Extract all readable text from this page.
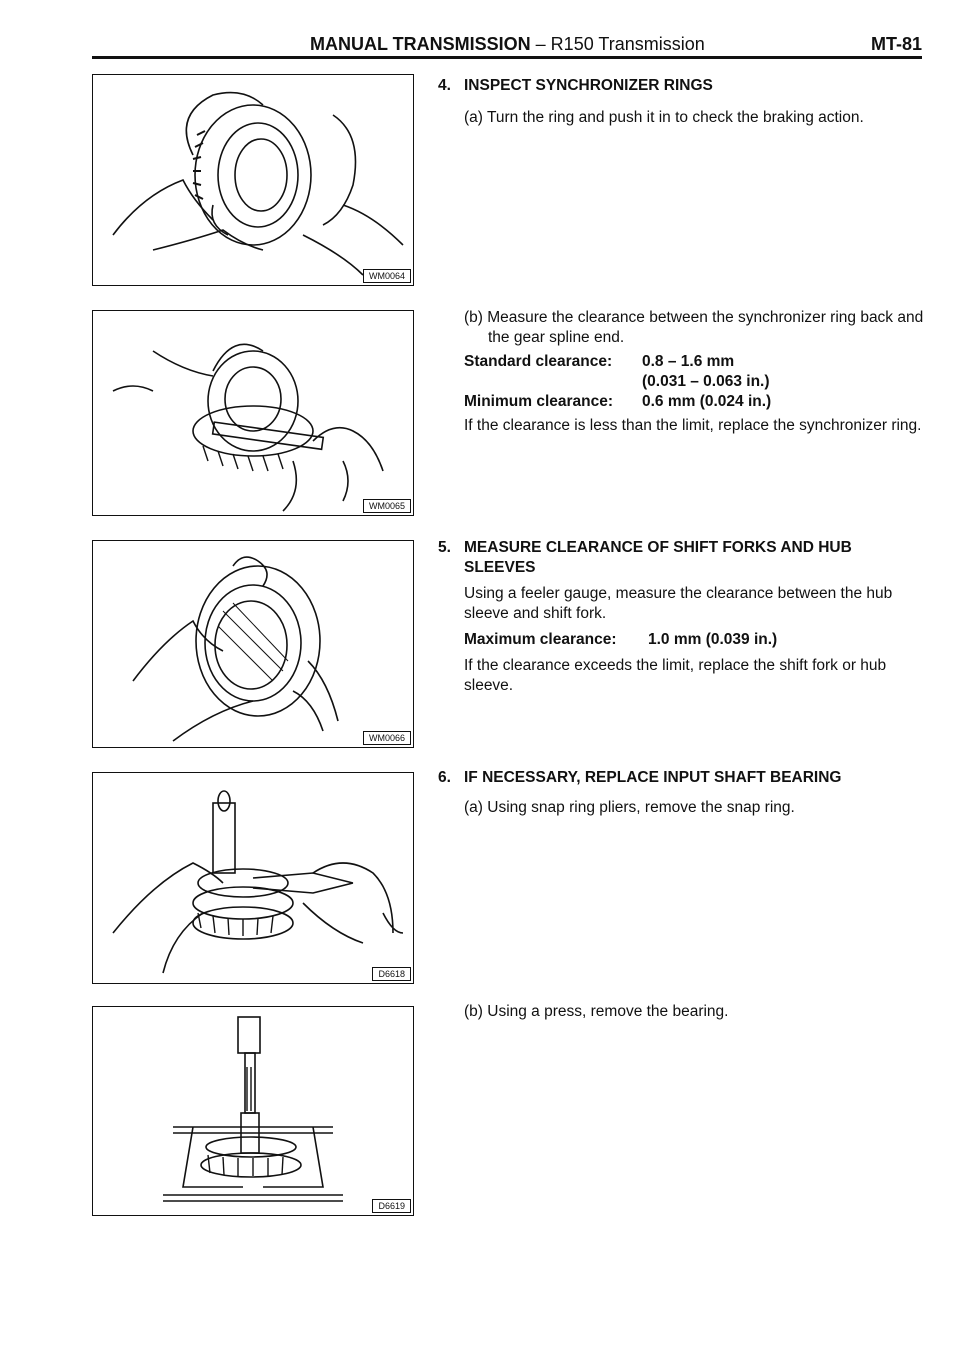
MANUAL TRANSMISSION – R150 Transmission	MT-81
WM0064
WM0065
WM0066
D6618
D6619
4. INSPECT SYNCHRONIZER RINGS

(a) Turn the ring and push it in to check the braking action.

(b) Measure the clearance between the synchronizer ring back and the gear spline end.

Standard clearance:	0.8 – 1.6 mm
(0.031 – 0.063 in.)
Minimum clearance:	0.6 mm (0.024 in.)

If the clearance is less than the limit, replace the synchronizer ring.

5. MEASURE CLEARANCE OF SHIFT FORKS AND HUB SLEEVES

Using a feeler gauge, measure the clearance between the hub sleeve and shift fork.

Maximum clearance:	1.0 mm (0.039 in.)

If the clearance exceeds the limit, replace the shift fork or hub sleeve.

6. IF NECESSARY, REPLACE INPUT SHAFT BEARING

(a) Using snap ring pliers, remove the snap ring.

(b) Using a press, remove the bearing.
